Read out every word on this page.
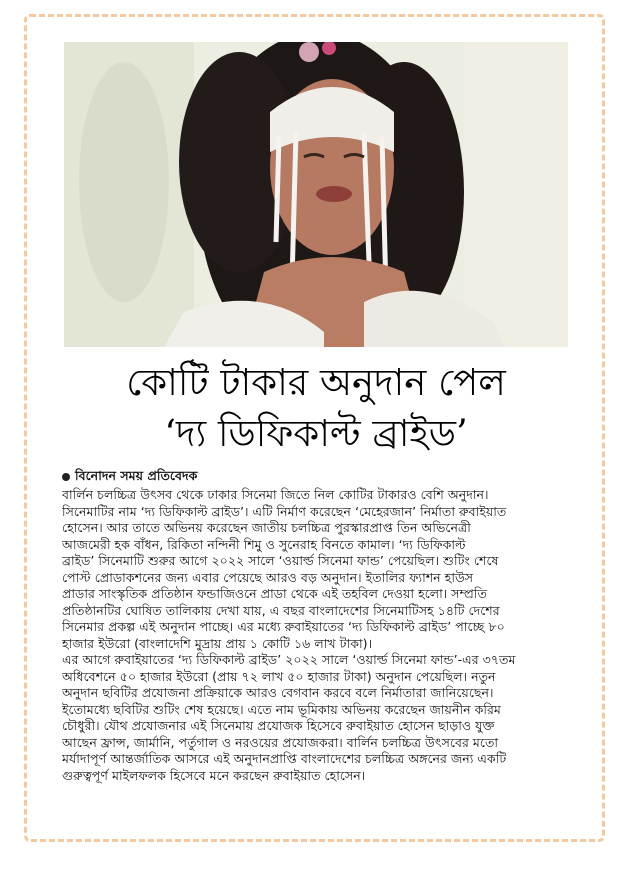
কোটি টাকার অনুদান পেল
‘দ্য ডিফিকাল্ট ব্রাইড’
বিনোদন সময় প্রতিবেদক
বার্লিন চলচ্চিত্র উৎসব থেকে ঢাকার সিনেমা জিতে নিল কোটির টাকারও বেশি অনুদান।
সিনেমাটির নাম ‘দ্য ডিফিকাল্ট ব্রাইড’। এটি নির্মাণ করেছেন ‘মেহেরজান’ নির্মাতা রুবাইয়াত
হোসেন। আর তাতে অভিনয় করেছেন জাতীয় চলচ্চিত্র পুরস্কারপ্রাপ্ত তিন অভিনেত্রী
আজমেরী হক বাঁধন, রিকিতা নন্দিনী শিমু ও সুনেরাহ বিনতে কামাল। ‘দ্য ডিফিকাল্ট
ব্রাইড’ সিনেমাটি শুরুর আগে ২০২২ সালে ‘ওয়ার্ল্ড সিনেমা ফান্ড’ পেয়েছিল। শুটিং শেষে
পোস্ট প্রোডাকশনের জন্য এবার পেয়েছে আরও বড় অনুদান। ইতালির ফ্যাশন হাউস
প্রাডার সাংস্কৃতিক প্রতিষ্ঠান ফন্ডাজিওনে প্রাডা থেকে এই তহবিল দেওয়া হলো। সম্প্রতি
প্রতিষ্ঠানটির ঘোষিত তালিকায় দেখা যায়, এ বছর বাংলাদেশের সিনেমাটিসহ ১৪টি দেশের
সিনেমার প্রকল্প এই অনুদান পাচ্ছে। এর মধ্যে রুবাইয়াতের ‘দ্য ডিফিকাল্ট ব্রাইড’ পাচ্ছে ৮০
হাজার ইউরো (বাংলাদেশি মুদ্রায় প্রায় ১ কোটি ১৬ লাখ টাকা)।
এর আগে রুবাইয়াতের ‘দ্য ডিফিকাল্ট ব্রাইড’ ২০২২ সালে ‘ওয়ার্ল্ড সিনেমা ফান্ড’-এর ৩৭তম
অধিবেশনে ৫০ হাজার ইউরো (প্রায় ৭২ লাখ ৫০ হাজার টাকা) অনুদান পেয়েছিল। নতুন
অনুদান ছবিটির প্রযোজনা প্রক্রিয়াকে আরও বেগবান করবে বলে নির্মাতারা জানিয়েছেন।
ইতোমধ্যে ছবিটির শুটিং শেষ হয়েছে। এতে নাম ভূমিকায় অভিনয় করেছেন জায়নীন করিম
চৌধুরী। যৌথ প্রযোজনার এই সিনেমায় প্রযোজক হিসেবে রুবাইয়াত হোসেন ছাড়াও যুক্ত
আছেন ফ্রান্স, জার্মানি, পর্তুগাল ও নরওয়ের প্রযোজকরা। বার্লিন চলচ্চিত্র উৎসবের মতো
মর্যাদাপূর্ণ আন্তর্জাতিক আসরে এই অনুদানপ্রাপ্তি বাংলাদেশের চলচ্চিত্র অঙ্গনের জন্য একটি
গুরুত্বপূর্ণ মাইলফলক হিসেবে মনে করছেন রুবাইয়াত হোসেন।
